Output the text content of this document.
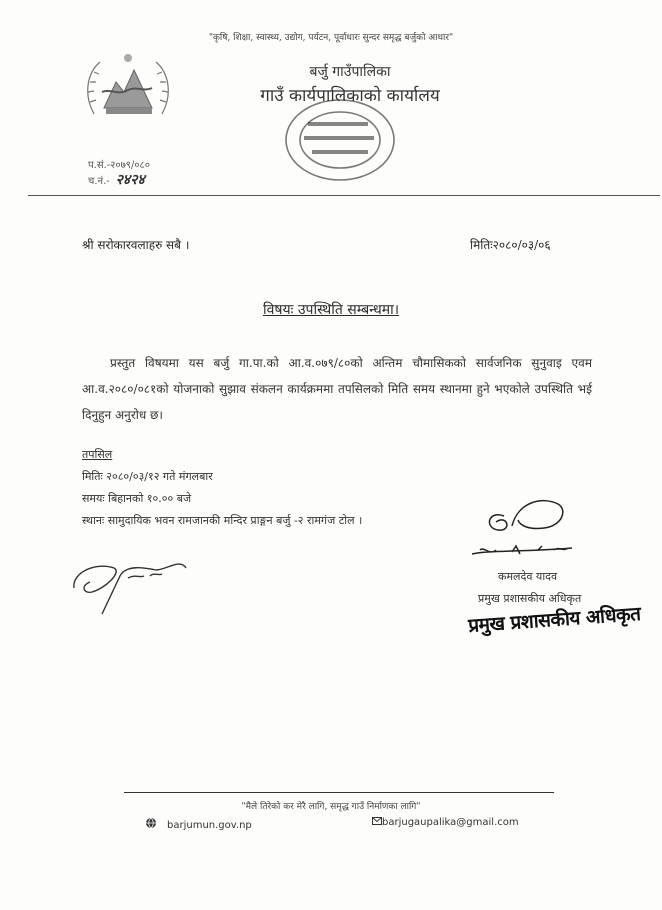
"कृषि, शिक्षा, स्वास्थ्य, उद्योग, पर्यटन, पूर्वाधारः सुन्दर समृद्ध बर्जुको आधार"
बर्जु गाउँपालिका
गाउँ कार्यपालिकाको कार्यालय
प.सं.-२०७९/०८०
च.नं.- २४२४
श्री सरोकारवलाहरु सबै ।	मितिः२०८०/०३/०६
विषयः उपस्थिति सम्बन्धमा।
प्रस्तुत विषयमा यस बर्जु गा.पा.को आ.व.०७९/८०को अन्तिम चौमासिकको सार्वजनिक सुनुवाइ एवम आ.व.२०८०/०८१को योजनाको सुझाव संकलन कार्यक्रममा तपसिलको मिति समय स्थानमा हुने भएकोले उपस्थिति भई दिनुहुन अनुरोध छ।
तपसिल
मितिः २०८०/०३/१२ गते मंगलबार
समयः बिहानको १०.०० बजे
स्थानः सामुदायिक भवन रामजानकी मन्दिर प्राङ्गन बर्जु -२ रामगंज टोल ।
कमलदेव यादव
प्रमुख प्रशासकीय अधिकृत
प्रमुख प्रशासकीय अधिकृत
"मैले तिरेको कर मेरै लागि, समृद्ध गाउँ निर्माणका लागि"
barjumun.gov.np	barjugaupalika@gmail.com
